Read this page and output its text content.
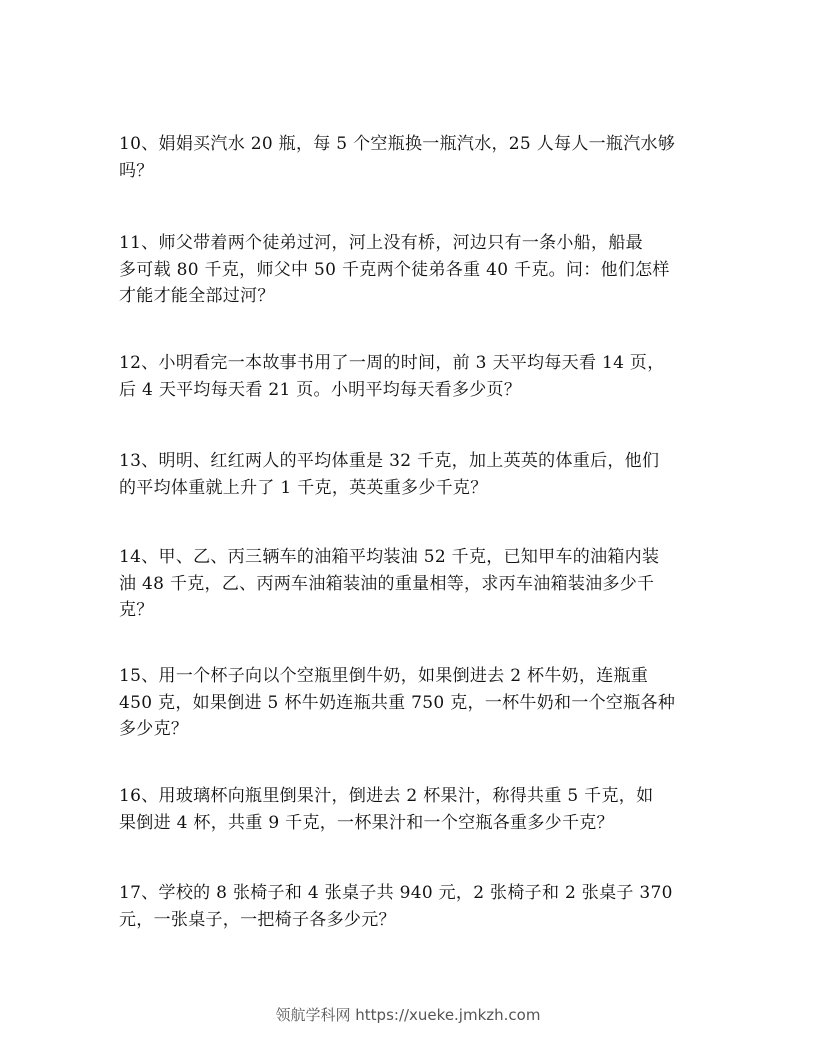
10、娟娟买汽水 20 瓶，每 5 个空瓶换一瓶汽水，25 人每人一瓶汽水够
吗？
11、师父带着两个徒弟过河，河上没有桥，河边只有一条小船，船最
多可载 80 千克，师父中 50 千克两个徒弟各重 40 千克。问：他们怎样
才能才能全部过河？
12、小明看完一本故事书用了一周的时间，前 3 天平均每天看 14 页，
后 4 天平均每天看 21 页。小明平均每天看多少页？
13、明明、红红两人的平均体重是 32 千克，加上英英的体重后，他们
的平均体重就上升了 1 千克，英英重多少千克？
14、甲、乙、丙三辆车的油箱平均装油 52 千克，已知甲车的油箱内装
油 48 千克，乙、丙两车油箱装油的重量相等，求丙车油箱装油多少千
克？
15、用一个杯子向以个空瓶里倒牛奶，如果倒进去 2 杯牛奶，连瓶重
450 克，如果倒进 5 杯牛奶连瓶共重 750 克，一杯牛奶和一个空瓶各种
多少克？
16、用玻璃杯向瓶里倒果汁，倒进去 2 杯果汁，称得共重 5 千克，如
果倒进 4 杯，共重 9 千克，一杯果汁和一个空瓶各重多少千克？
17、学校的 8 张椅子和 4 张桌子共 940 元，2 张椅子和 2 张桌子 370
元，一张桌子，一把椅子各多少元？
领航学科网 https://xueke.jmkzh.com
